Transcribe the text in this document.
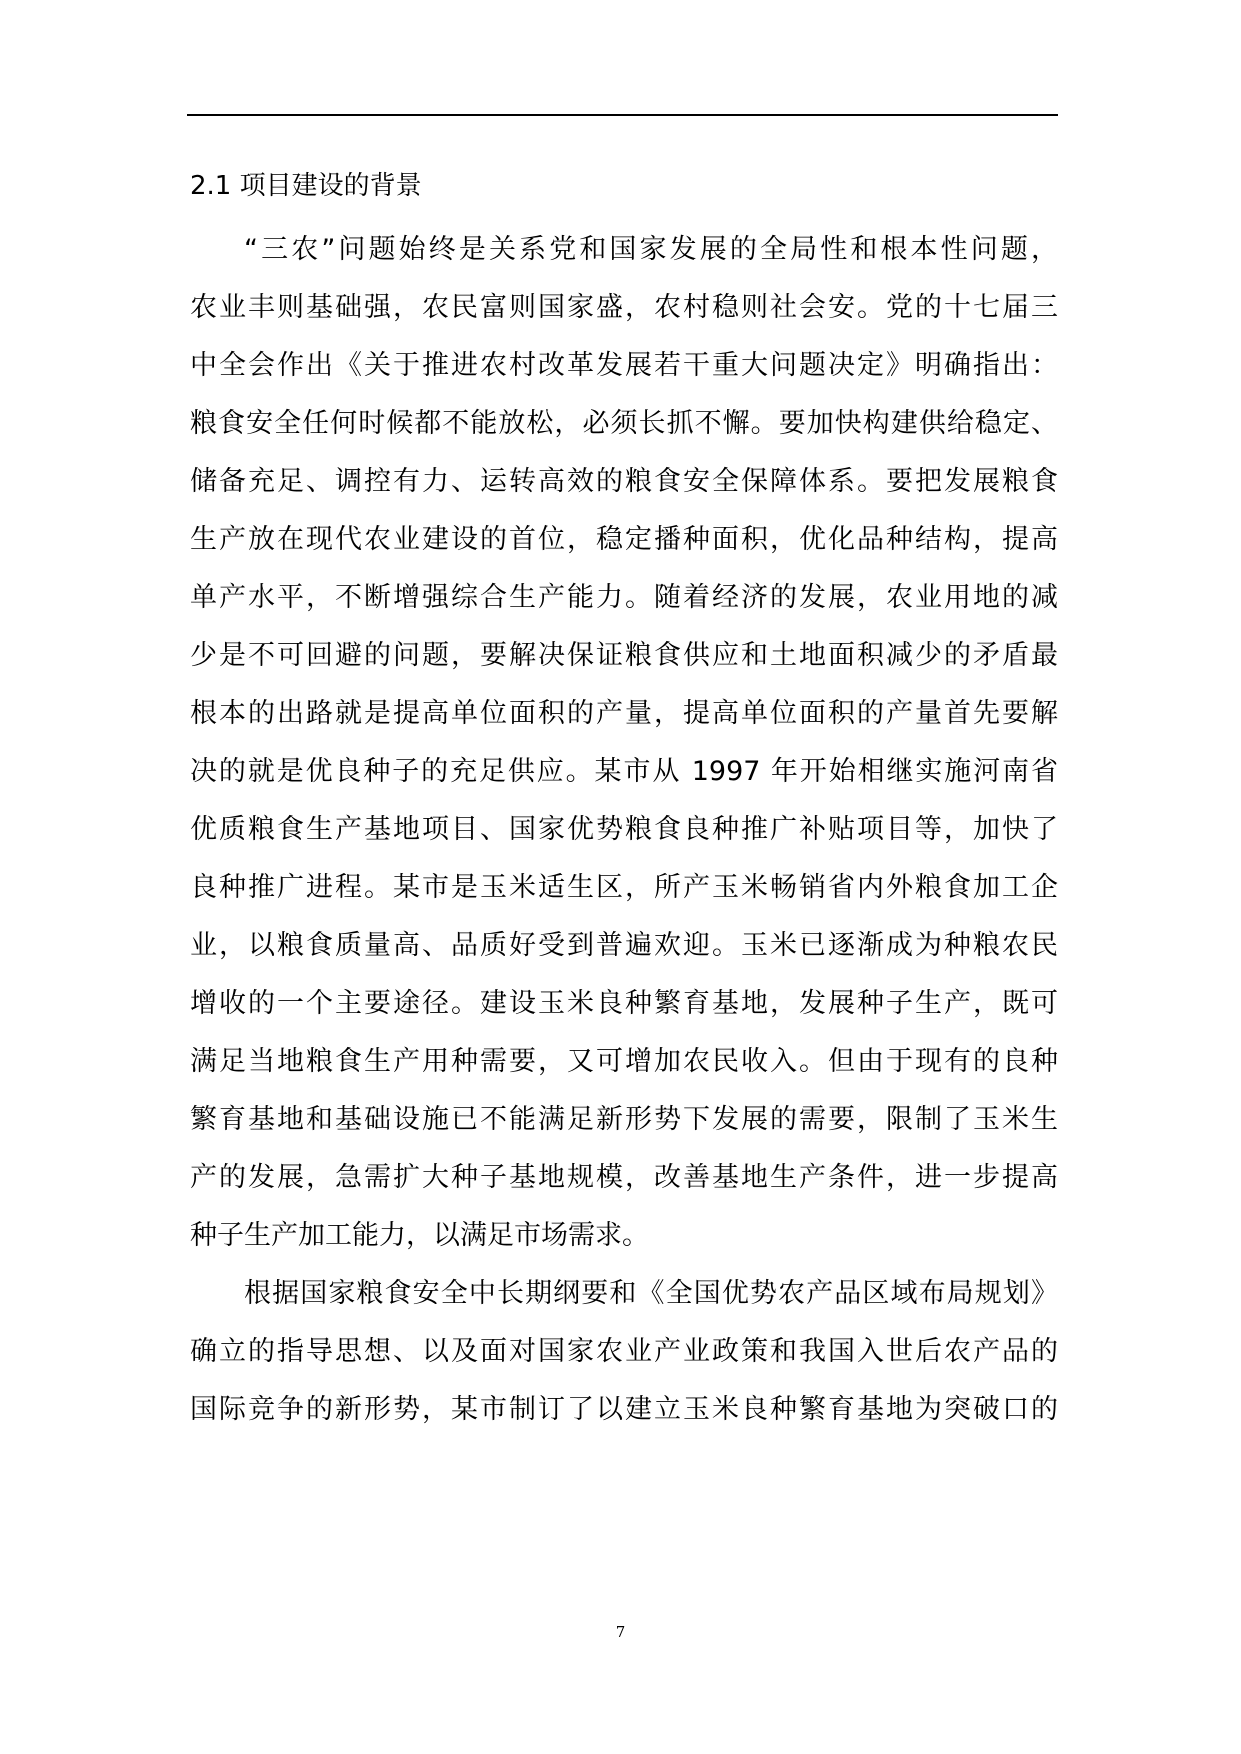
2.1 项目建设的背景
“三农”问题始终是关系党和国家发展的全局性和根本性问题，
农业丰则基础强，农民富则国家盛，农村稳则社会安。党的十七届三
中全会作出《关于推进农村改革发展若干重大问题决定》明确指出：
粮食安全任何时候都不能放松，必须长抓不懈。要加快构建供给稳定、
储备充足、调控有力、运转高效的粮食安全保障体系。要把发展粮食
生产放在现代农业建设的首位，稳定播种面积，优化品种结构，提高
单产水平，不断增强综合生产能力。随着经济的发展，农业用地的减
少是不可回避的问题，要解决保证粮食供应和土地面积减少的矛盾最
根本的出路就是提高单位面积的产量，提高单位面积的产量首先要解
决的就是优良种子的充足供应。某市从 1997 年开始相继实施河南省
优质粮食生产基地项目、国家优势粮食良种推广补贴项目等，加快了
良种推广进程。某市是玉米适生区，所产玉米畅销省内外粮食加工企
业，以粮食质量高、品质好受到普遍欢迎。玉米已逐渐成为种粮农民
增收的一个主要途径。建设玉米良种繁育基地，发展种子生产，既可
满足当地粮食生产用种需要，又可增加农民收入。但由于现有的良种
繁育基地和基础设施已不能满足新形势下发展的需要，限制了玉米生
产的发展，急需扩大种子基地规模，改善基地生产条件，进一步提高
种子生产加工能力，以满足市场需求。
根据国家粮食安全中长期纲要和《全国优势农产品区域布局规划》
确立的指导思想、以及面对国家农业产业政策和我国入世后农产品的
国际竞争的新形势，某市制订了以建立玉米良种繁育基地为突破口的
7
